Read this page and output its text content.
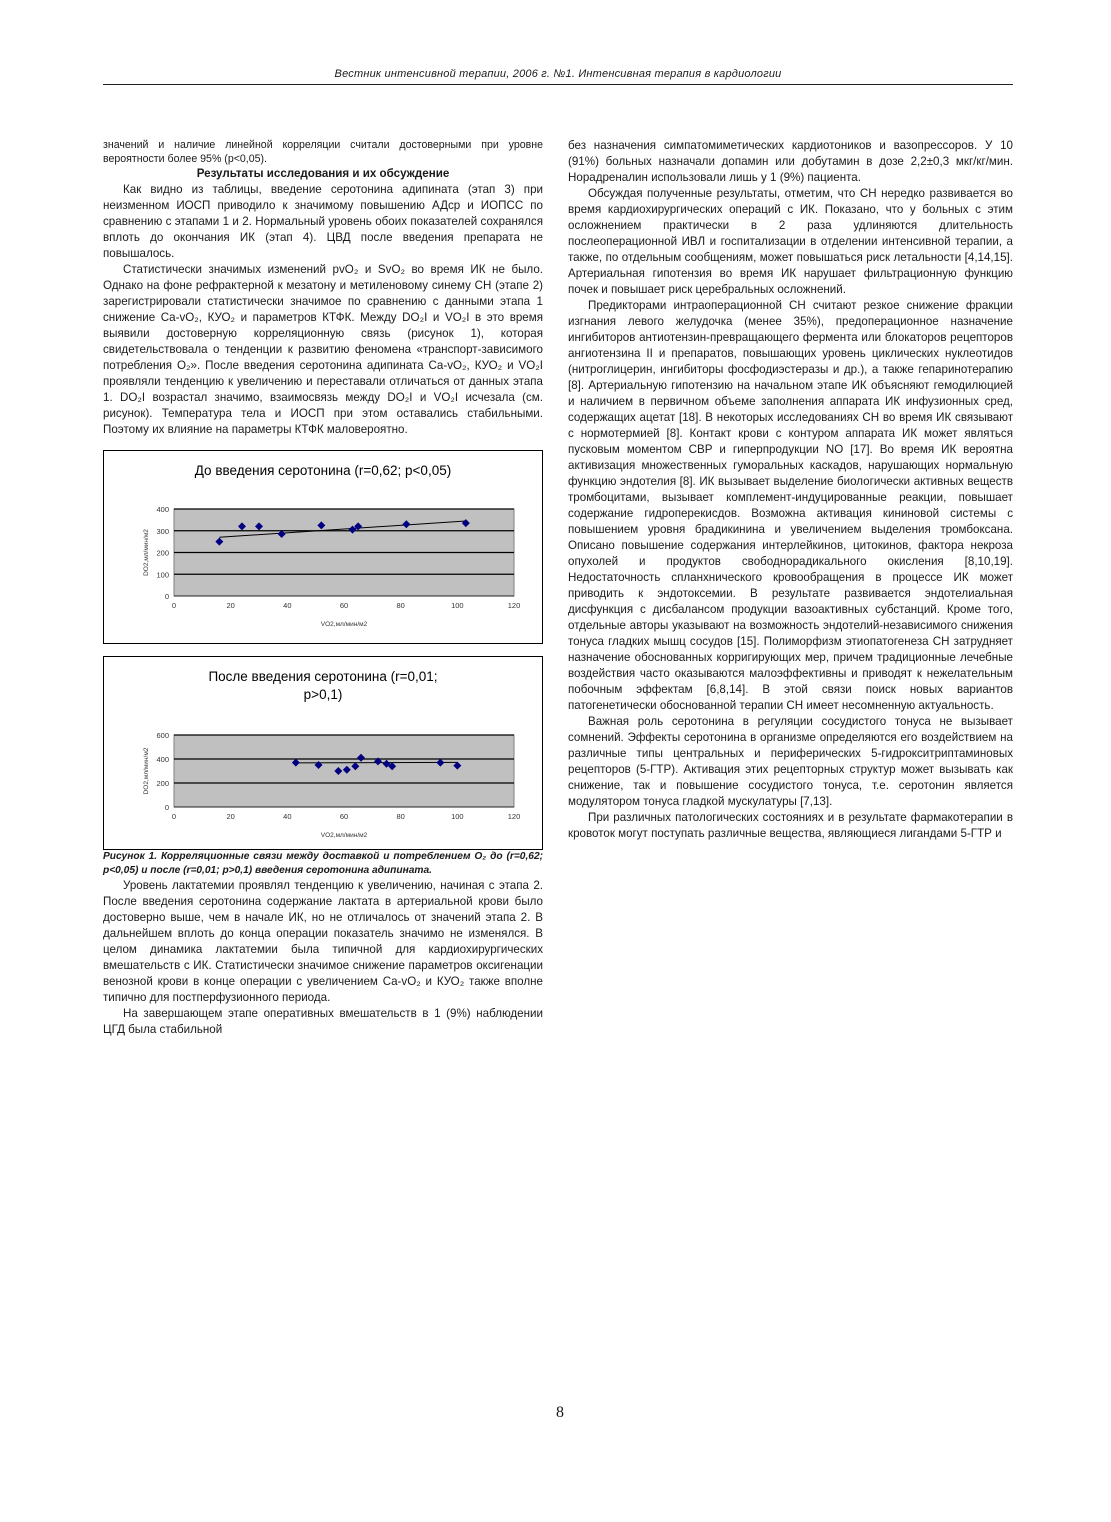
Вестник интенсивной терапии, 2006 г. №1. Интенсивная терапия в кардиологии

значений и наличие линейной корреляции считали достоверными при уровне вероятности более 95% (p<0,05).

Результаты исследования и их обсуждение

Как видно из таблицы, введение серотонина адипината (этап 3) при неизменном ИОСП приводило к значимому повышению АДср и ИОПСС по сравнению с этапами 1 и 2. Нормальный уровень обоих показателей сохранялся вплоть до окончания ИК (этап 4). ЦВД после введения препарата не повышалось.

Статистически значимых изменений pvO₂ и SvO₂ во время ИК не было. Однако на фоне рефрактерной к мезатону и метиленовому синему СН (этапе 2) зарегистрировали статистически значимое по сравнению с данными этапа 1 снижение Ca-vO₂, КУО₂ и параметров КТФК. Между DO₂I и VO₂I в это время выявили достоверную корреляционную связь (рисунок 1), которая свидетельствовала о тенденции к развитию феномена «транспорт-зависимого потребления O₂». После введения серотонина адипината Ca-vO₂, КУО₂ и VO₂I проявляли тенденцию к увеличению и переставали отличаться от данных этапа 1. DO₂I возрастал значимо, взаимосвязь между DO₂I и VO₂I исчезала (см. рисунок). Температура тела и ИОСП при этом оставались стабильными. Поэтому их влияние на параметры КТФК маловероятно.

До введения серотонина (r=0,62; p<0,05)
0
100
200
300
400
0	20	40	60	80	100	120
VO2,мл/мин/м2
DO2,мл/мин/м2
После введения серотонина (r=0,01;
p>0,1)
0
200
400
600
0	20	40	60	80	100	120
VO2,мл/мин/м2
DO2,мл/мин/м2

Рисунок 1. Корреляционные связи между доставкой и потреблением O₂ до (r=0,62; p<0,05) и после (r=0,01; p>0,1) введения серотонина адипината.

Уровень лактатемии проявлял тенденцию к увеличению, начиная с этапа 2. После введения серотонина содержание лактата в артериальной крови было достоверно выше, чем в начале ИК, но не отличалось от значений этапа 2. В дальнейшем вплоть до конца операции показатель значимо не изменялся. В целом динамика лактатемии была типичной для кардиохирургических вмешательств с ИК. Статистически значимое снижение параметров оксигенации венозной крови в конце операции с увеличением Ca-vO₂ и КУО₂ также вполне типично для постперфузионного периода.

На завершающем этапе оперативных вмешательств в 1 (9%) наблюдении ЦГД была стабильной

без назначения симпатомиметических кардиотоников и вазопрессоров. У 10 (91%) больных назначали допамин или добутамин в дозе 2,2±0,3 мкг/кг/мин. Норадреналин использовали лишь у 1 (9%) пациента.

Обсуждая полученные результаты, отметим, что СН нередко развивается во время кардиохирургических операций с ИК. Показано, что у больных с этим осложнением практически в 2 раза удлиняются длительность послеоперационной ИВЛ и госпитализации в отделении интенсивной терапии, а также, по отдельным сообщениям, может повышаться риск летальности [4,14,15]. Артериальная гипотензия во время ИК нарушает фильтрационную функцию почек и повышает риск церебральных осложнений.

Предикторами интраоперационной СН считают резкое снижение фракции изгнания левого желудочка (менее 35%), предоперационное назначение ингибиторов антиотензин-превращающего фермента или блокаторов рецепторов ангиотензина II и препаратов, повышающих уровень циклических нуклеотидов (нитроглицерин, ингибиторы фосфодиэстеразы и др.), а также гепаринотерапию [8]. Артериальную гипотензию на начальном этапе ИК объясняют гемодилюцией и наличием в первичном объеме заполнения аппарата ИК инфузионных сред, содержащих ацетат [18]. В некоторых исследованиях СН во время ИК связывают с нормотермией [8]. Контакт крови с контуром аппарата ИК может являться пусковым моментом СВР и гиперпродукции NO [17]. Во время ИК вероятна активизация множественных гуморальных каскадов, нарушающих нормальную функцию эндотелия [8]. ИК вызывает выделение биологически активных веществ тромбоцитами, вызывает комплемент-индуцированные реакции, повышает содержание гидроперекисдов. Возможна активация кининовой системы с повышением уровня брадикинина и увеличением выделения тромбоксана. Описано повышение содержания интерлейкинов, цитокинов, фактора некроза опухолей и продуктов свободнорадикального окисления [8,10,19]. Недостаточность спланхнического кровообращения в процессе ИК может приводить к эндотоксемии. В результате развивается эндотелиальная дисфункция с дисбалансом продукции вазоактивных субстанций. Кроме того, отдельные авторы указывают на возможность эндотелий-независимого снижения тонуса гладких мышц сосудов [15]. Полиморфизм этиопатогенеза СН затрудняет назначение обоснованных корригирующих мер, причем традиционные лечебные воздействия часто оказываются малоэффективны и приводят к нежелательным побочным эффектам [6,8,14]. В этой связи поиск новых вариантов патогенетически обоснованной терапии СН имеет несомненную актуальность.

Важная роль серотонина в регуляции сосудистого тонуса не вызывает сомнений. Эффекты серотонина в организме определяются его воздействием на различные типы центральных и периферических 5-гидрокситриптаминовых рецепторов (5-ГТР). Активация этих рецепторных структур может вызывать как снижение, так и повышение сосудистого тонуса, т.е. серотонин является модулятором тонуса гладкой мускулатуры [7,13].

При различных патологических состояниях и в результате фармакотерапии в кровоток могут поступать различные вещества, являющиеся лигандами 5-ГТР и

8
